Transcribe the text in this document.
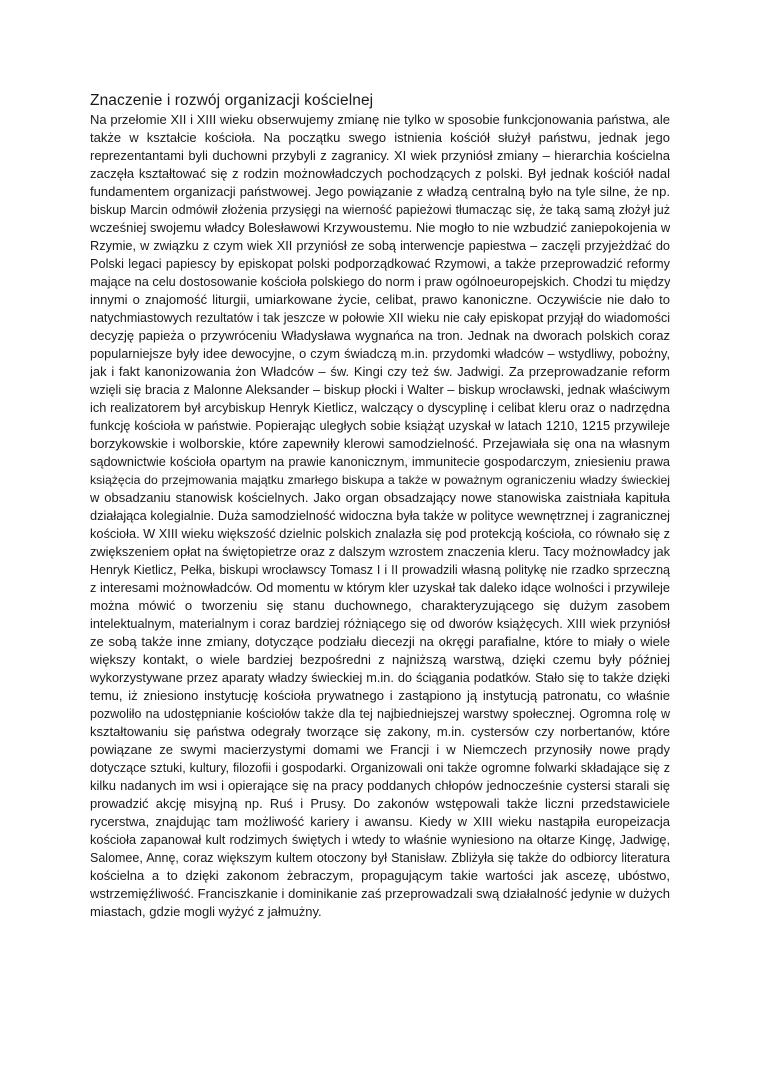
Znaczenie i rozwój organizacji kościelnej
Na przełomie XII i XIII wieku obserwujemy zmianę nie tylko w sposobie funkcjonowania państwa, ale
także w kształcie kościoła. Na początku swego istnienia kościół służył państwu, jednak jego
reprezentantami byli duchowni przybyli z zagranicy. XI wiek przyniósł zmiany – hierarchia kościelna
zaczęła kształtować się z rodzin możnowładczych pochodzących z polski. Był jednak kościół nadal
fundamentem organizacji państwowej. Jego powiązanie z władzą centralną było na tyle silne, że np.
biskup Marcin odmówił złożenia przysięgi na wierność papieżowi tłumacząc się, że taką samą złożył już
wcześniej swojemu władcy Bolesławowi Krzywoustemu. Nie mogło to nie wzbudzić zaniepokojenia w
Rzymie, w związku z czym wiek XII przyniósł ze sobą interwencje papiestwa – zaczęli przyjeżdżać do
Polski legaci papiescy by episkopat polski podporządkować Rzymowi, a także przeprowadzić reformy
mające na celu dostosowanie kościoła polskiego do norm i praw ogólnoeuropejskich. Chodzi tu między
innymi o znajomość liturgii, umiarkowane życie, celibat, prawo kanoniczne. Oczywiście nie dało to
natychmiastowych rezultatów i tak jeszcze w połowie XII wieku nie cały episkopat przyjął do wiadomości
decyzję papieża o przywróceniu Władysława wygnańca na tron. Jednak na dworach polskich coraz
popularniejsze były idee dewocyjne, o czym świadczą m.in. przydomki władców – wstydliwy, pobożny,
jak i fakt kanonizowania żon Władców – św. Kingi czy też św. Jadwigi. Za przeprowadzanie reform
wzięli się bracia z Malonne Aleksander – biskup płocki i Walter – biskup wrocławski, jednak właściwym
ich realizatorem był arcybiskup Henryk Kietlicz, walczący o dyscyplinę i celibat kleru oraz o nadrzędna
funkcję kościoła w państwie. Popierając uległych sobie książąt uzyskał w latach 1210, 1215 przywileje
borzykowskie i wolborskie, które zapewniły klerowi samodzielność. Przejawiała się ona na własnym
sądownictwie kościoła opartym na prawie kanonicznym, immunitecie gospodarczym, zniesieniu prawa
książęcia do przejmowania majątku zmarłego biskupa a także w poważnym ograniczeniu władzy świeckiej
w obsadzaniu stanowisk kościelnych. Jako organ obsadzający nowe stanowiska zaistniała kapituła
działająca kolegialnie. Duża samodzielność widoczna była także w polityce wewnętrznej i zagranicznej
kościoła. W XIII wieku większość dzielnic polskich znalazła się pod protekcją kościoła, co równało się z
zwiększeniem opłat na świętopietrze oraz z dalszym wzrostem znaczenia kleru. Tacy możnowładcy jak
Henryk Kietlicz, Pełka, biskupi wrocławscy Tomasz I i II prowadzili własną politykę nie rzadko sprzeczną
z interesami możnowładców. Od momentu w którym kler uzyskał tak daleko idące wolności i przywileje
można mówić o tworzeniu się stanu duchownego, charakteryzującego się dużym zasobem
intelektualnym, materialnym i coraz bardziej różniącego się od dworów książęcych. XIII wiek przyniósł
ze sobą także inne zmiany, dotyczące podziału diecezji na okręgi parafialne, które to miały o wiele
większy kontakt, o wiele bardziej bezpośredni z najniższą warstwą, dzięki czemu były później
wykorzystywane przez aparaty władzy świeckiej m.in. do ściągania podatków. Stało się to także dzięki
temu, iż zniesiono instytucję kościoła prywatnego i zastąpiono ją instytucją patronatu, co właśnie
pozwoliło na udostępnianie kościołów także dla tej najbiedniejszej warstwy społecznej. Ogromna rolę w
kształtowaniu się państwa odegrały tworzące się zakony, m.in. cystersów czy norbertanów, które
powiązane ze swymi macierzystymi domami we Francji i w Niemczech przynosiły nowe prądy
dotyczące sztuki, kultury, filozofii i gospodarki. Organizowali oni także ogromne folwarki składające się z
kilku nadanych im wsi i opierające się na pracy poddanych chłopów jednocześnie cystersi starali się
prowadzić akcję misyjną np. Ruś i Prusy. Do zakonów wstępowali także liczni przedstawiciele
rycerstwa, znajdując tam możliwość kariery i awansu. Kiedy w XIII wieku nastąpiła europeizacja
kościoła zapanował kult rodzimych świętych i wtedy to właśnie wyniesiono na ołtarze Kingę, Jadwigę,
Salomee, Annę, coraz większym kultem otoczony był Stanisław. Zbliżyła się także do odbiorcy literatura
kościelna a to dzięki zakonom żebraczym, propagującym takie wartości jak ascezę, ubóstwo,
wstrzemięźliwość. Franciszkanie i dominikanie zaś przeprowadzali swą działalność jedynie w dużych
miastach, gdzie mogli wyżyć z jałmużny.
